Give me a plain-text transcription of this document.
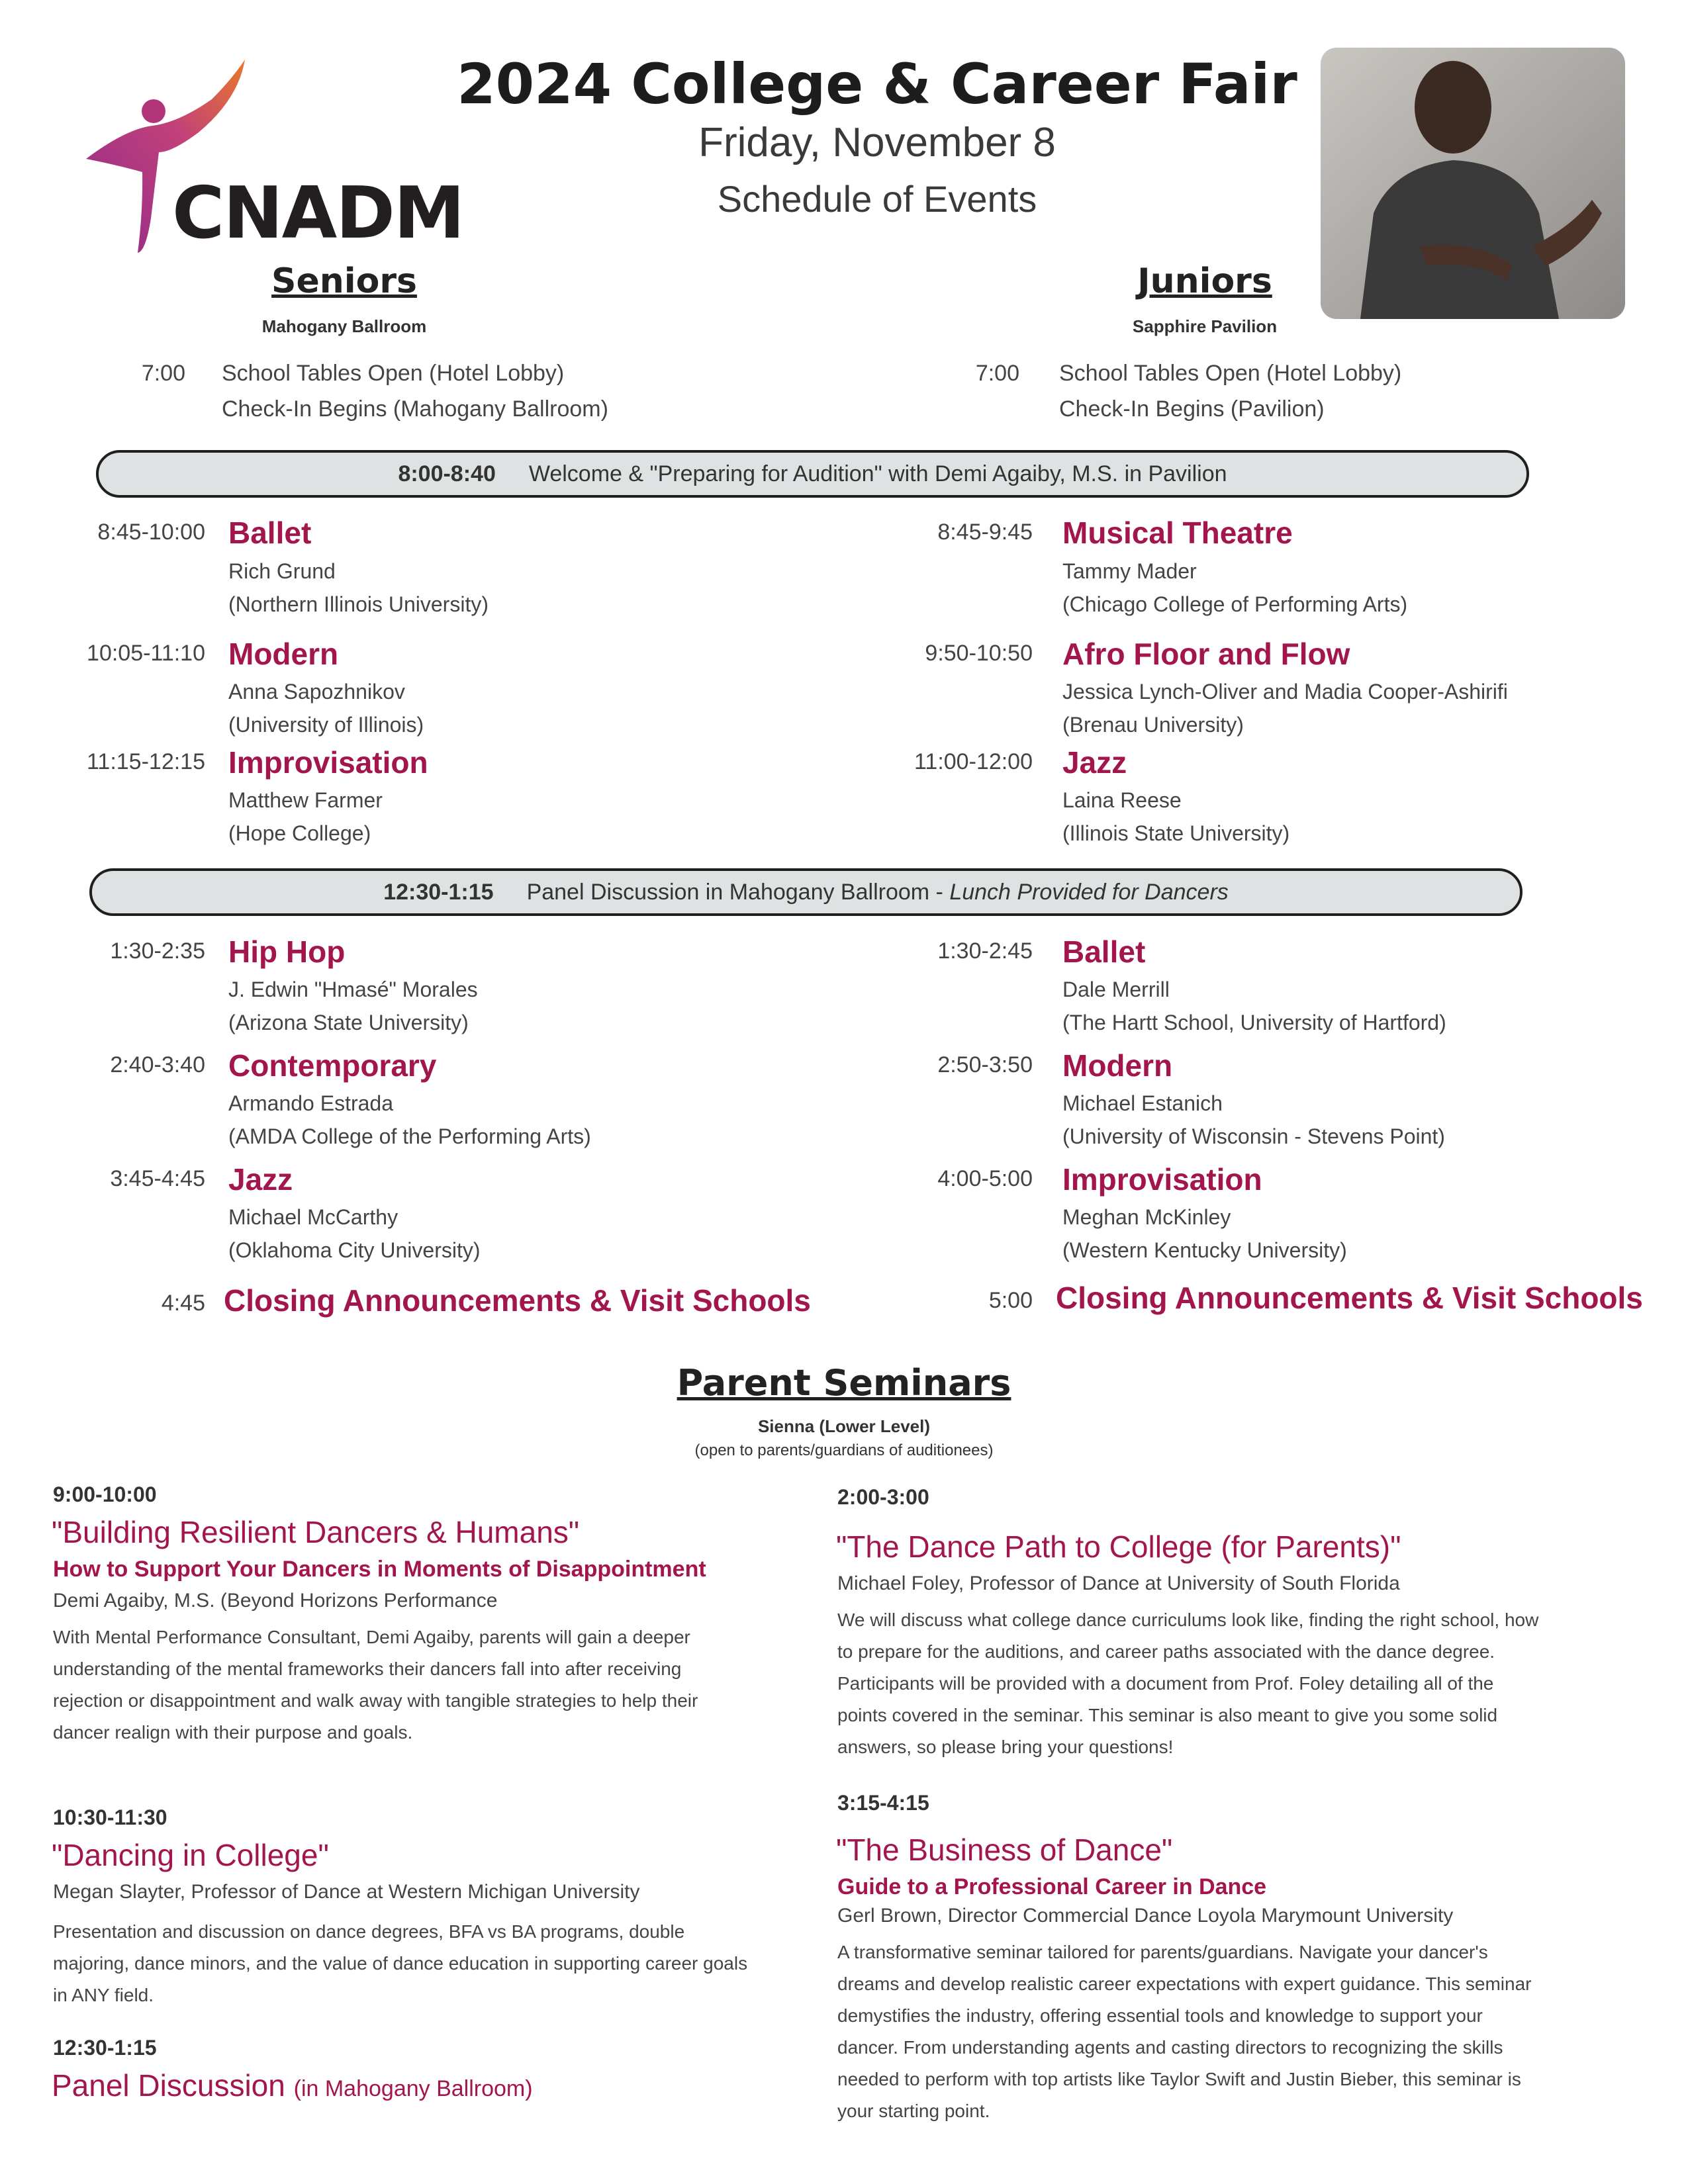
CNADM
2024 College & Career Fair
Friday, November 8
Schedule of Events
Seniors
Mahogany Ballroom
Juniors
Sapphire Pavilion
7:00 School Tables Open (Hotel Lobby)
Check-In Begins (Mahogany Ballroom)
7:00 School Tables Open (Hotel Lobby)
Check-In Begins (Pavilion)
8:00-8:40 Welcome & "Preparing for Audition" with Demi Agaiby, M.S. in Pavilion
8:45-10:00 Ballet
Rich Grund
(Northern Illinois University)
10:05-11:10 Modern
Anna Sapozhnikov
(University of Illinois)
11:15-12:15 Improvisation
Matthew Farmer
(Hope College)
8:45-9:45 Musical Theatre
Tammy Mader
(Chicago College of Performing Arts)
9:50-10:50 Afro Floor and Flow
Jessica Lynch-Oliver and Madia Cooper-Ashirifi
(Brenau University)
11:00-12:00 Jazz
Laina Reese
(Illinois State University)
12:30-1:15 Panel Discussion in Mahogany Ballroom - Lunch Provided for Dancers
1:30-2:35 Hip Hop
J. Edwin "Hmasé" Morales
(Arizona State University)
2:40-3:40 Contemporary
Armando Estrada
(AMDA College of the Performing Arts)
3:45-4:45 Jazz
Michael McCarthy
(Oklahoma City University)
1:30-2:45 Ballet
Dale Merrill
(The Hartt School, University of Hartford)
2:50-3:50 Modern
Michael Estanich
(University of Wisconsin - Stevens Point)
4:00-5:00 Improvisation
Meghan McKinley
(Western Kentucky University)
4:45 Closing Announcements & Visit Schools	5:00 Closing Announcements & Visit Schools
Parent Seminars
Sienna (Lower Level)
(open to parents/guardians of auditionees)
9:00-10:00
"Building Resilient Dancers & Humans"
How to Support Your Dancers in Moments of Disappointment
Demi Agaiby, M.S. (Beyond Horizons Performance
With Mental Performance Consultant, Demi Agaiby, parents will gain a deeper understanding of the mental frameworks their dancers fall into after receiving rejection or disappointment and walk away with tangible strategies to help their dancer realign with their purpose and goals.
10:30-11:30
"Dancing in College"
Megan Slayter, Professor of Dance at Western Michigan University
Presentation and discussion on dance degrees, BFA vs BA programs, double majoring, dance minors, and the value of dance education in supporting career goals in ANY field.
12:30-1:15
Panel Discussion (in Mahogany Ballroom)
2:00-3:00
"The Dance Path to College (for Parents)"
Michael Foley, Professor of Dance at University of South Florida
We will discuss what college dance curriculums look like, finding the right school, how to prepare for the auditions, and career paths associated with the dance degree. Participants will be provided with a document from Prof. Foley detailing all of the points covered in the seminar. This seminar is also meant to give you some solid answers, so please bring your questions!
3:15-4:15
"The Business of Dance"
Guide to a Professional Career in Dance
Gerl Brown, Director Commercial Dance Loyola Marymount University
A transformative seminar tailored for parents/guardians. Navigate your dancer's dreams and develop realistic career expectations with expert guidance. This seminar demystifies the industry, offering essential tools and knowledge to support your dancer. From understanding agents and casting directors to recognizing the skills needed to perform with top artists like Taylor Swift and Justin Bieber, this seminar is your starting point.
